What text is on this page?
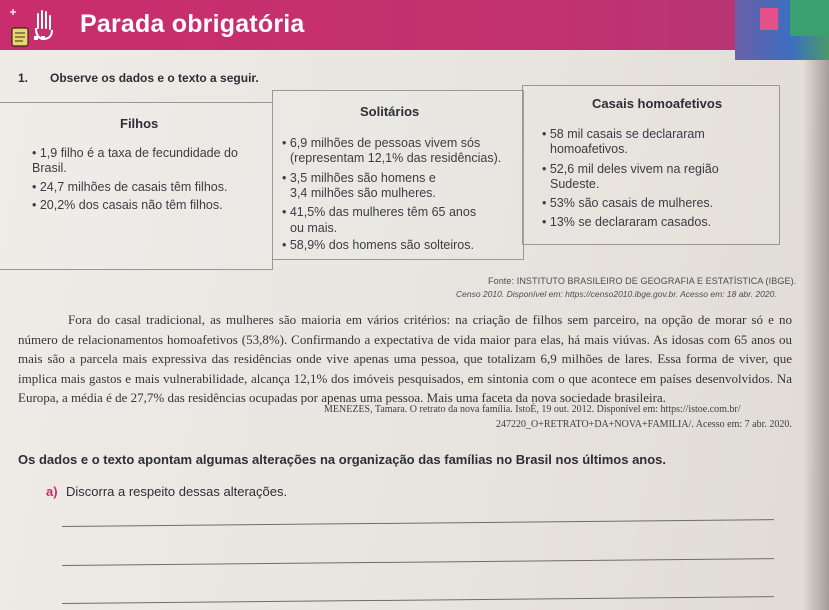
Parada obrigatória
1. Observe os dados e o texto a seguir.
Filhos
Solitários
Casais homoafetivos
• 1,9 filho é a taxa de fecundidade do
Brasil.
• 24,7 milhões de casais têm filhos.
• 20,2% dos casais não têm filhos.
• 6,9 milhões de pessoas vivem sós
(representam 12,1% das residências).
• 3,5 milhões são homens e
3,4 milhões são mulheres.
• 41,5% das mulheres têm 65 anos
ou mais.
• 58,9% dos homens são solteiros.
• 58 mil casais se declararam
homoafetivos.
• 52,6 mil deles vivem na região
Sudeste.
• 53% são casais de mulheres.
• 13% se declararam casados.
Fonte: INSTITUTO BRASILEIRO DE GEOGRAFIA E ESTATÍSTICA (IBGE).
Censo 2010. Disponível em: https://censo2010.ibge.gov.br. Acesso em: 18 abr. 2020.
Fora do casal tradicional, as mulheres são maioria em vários critérios: na criação de filhos sem parceiro, na opção de morar só e no número de relacionamentos homoafetivos (53,8%). Confirmando a expectativa de vida maior para elas, há mais viúvas. As idosas com 65 anos ou mais são a parcela mais expressiva das residências onde vive apenas uma pessoa, que totalizam 6,9 milhões de lares. Essa forma de viver, que implica mais gastos e mais vulnerabilidade, alcança 12,1% dos imóveis pesquisados, em sintonia com o que acontece em países desenvolvidos. Na Europa, a média é de 27,7% das residências ocupadas por apenas uma pessoa. Mais uma faceta da nova sociedade brasileira.
MENEZES, Tamara. O retrato da nova família. IstoÉ, 19 out. 2012. Disponível em: https://istoe.com.br/
247220_O+RETRATO+DA+NOVA+FAMILIA/. Acesso em: 7 abr. 2020.
Os dados e o texto apontam algumas alterações na organização das famílias no Brasil nos últimos anos.
a) Discorra a respeito dessas alterações.
